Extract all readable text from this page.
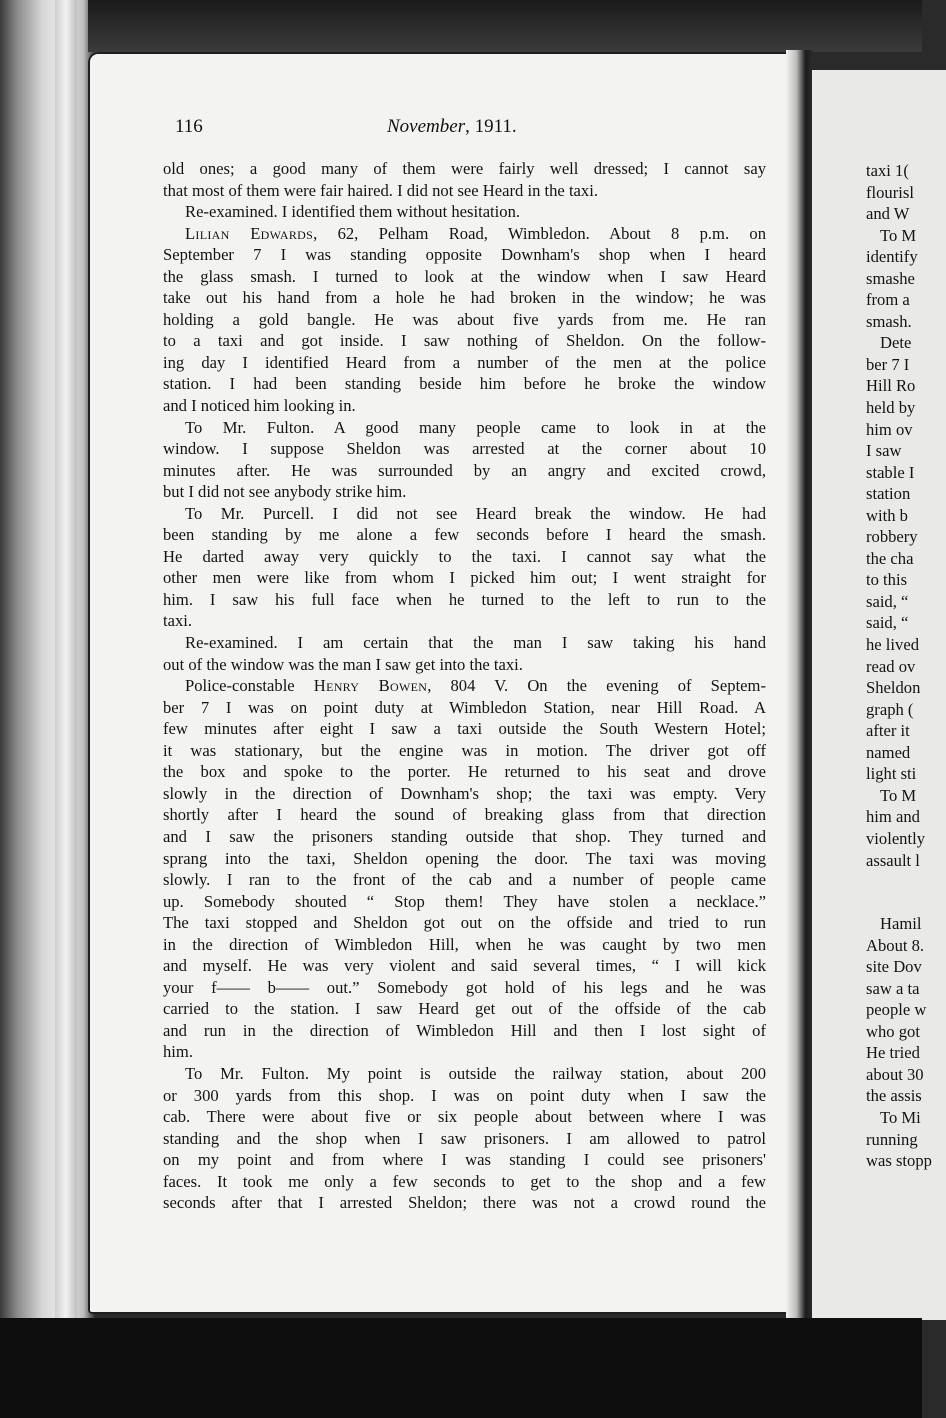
116	November, 1911.
old ones; a good many of them were fairly well dressed; I cannot say
that most of them were fair haired. I did not see Heard in the taxi.
Re-examined. I identified them without hesitation.
Lilian Edwards, 62, Pelham Road, Wimbledon. About 8 p.m. on
September 7 I was standing opposite Downham's shop when I heard
the glass smash. I turned to look at the window when I saw Heard
take out his hand from a hole he had broken in the window; he was
holding a gold bangle. He was about five yards from me. He ran
to a taxi and got inside. I saw nothing of Sheldon. On the follow-
ing day I identified Heard from a number of the men at the police
station. I had been standing beside him before he broke the window
and I noticed him looking in.
To Mr. Fulton. A good many people came to look in at the
window. I suppose Sheldon was arrested at the corner about 10
minutes after. He was surrounded by an angry and excited crowd,
but I did not see anybody strike him.
To Mr. Purcell. I did not see Heard break the window. He had
been standing by me alone a few seconds before I heard the smash.
He darted away very quickly to the taxi. I cannot say what the
other men were like from whom I picked him out; I went straight for
him. I saw his full face when he turned to the left to run to the
taxi.
Re-examined. I am certain that the man I saw taking his hand
out of the window was the man I saw get into the taxi.
Police-constable Henry Bowen, 804 V. On the evening of Septem-
ber 7 I was on point duty at Wimbledon Station, near Hill Road. A
few minutes after eight I saw a taxi outside the South Western Hotel;
it was stationary, but the engine was in motion. The driver got off
the box and spoke to the porter. He returned to his seat and drove
slowly in the direction of Downham's shop; the taxi was empty. Very
shortly after I heard the sound of breaking glass from that direction
and I saw the prisoners standing outside that shop. They turned and
sprang into the taxi, Sheldon opening the door. The taxi was moving
slowly. I ran to the front of the cab and a number of people came
up. Somebody shouted “ Stop them! They have stolen a necklace.”
The taxi stopped and Sheldon got out on the offside and tried to run
in the direction of Wimbledon Hill, when he was caught by two men
and myself. He was very violent and said several times, “ I will kick
your f—— b—— out.” Somebody got hold of his legs and he was
carried to the station. I saw Heard get out of the offside of the cab
and run in the direction of Wimbledon Hill and then I lost sight of
him.
To Mr. Fulton. My point is outside the railway station, about 200
or 300 yards from this shop. I was on point duty when I saw the
cab. There were about five or six people about between where I was
standing and the shop when I saw prisoners. I am allowed to patrol
on my point and from where I was standing I could see prisoners'
faces. It took me only a few seconds to get to the shop and a few
seconds after that I arrested Sheldon; there was not a crowd round the
taxi 1(
flourisl
and W
To M
identify
smashe
from a
smash.
Dete
ber 7 I
Hill Ro
held by
him ov
I saw
stable I
station
with b
robbery
the cha
to this
said, “
said, “
he lived
read ov
Sheldon
graph (
after it
named
light sti
To M
him and
violently
assault l
Hamil
About 8.
site Dov
saw a ta
people w
who got
He tried
about 30
the assis
To Mi
running
was stopp
